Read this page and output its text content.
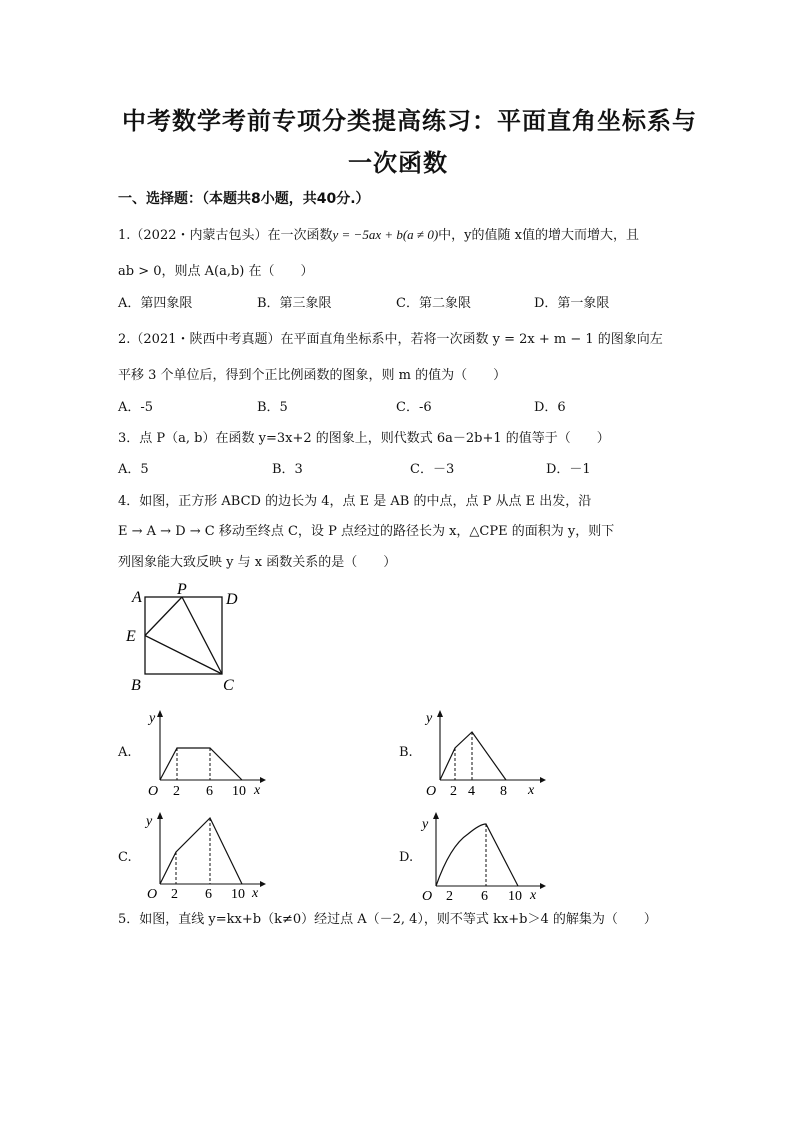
中考数学考前专项分类提高练习：平面直角坐标系与
一次函数
一、选择题：（本题共8小题，共40分.）
1.（2022・内蒙古包头）在一次函数y = −5ax + b(a ≠ 0)中，y的值随 x值的增大而增大，且
ab > 0，则点 A(a,b) 在（　　）
A．第四象限	B．第三象限	C．第二象限	D．第一象限
2.（2021・陕西中考真题）在平面直角坐标系中，若将一次函数 y = 2x + m − 1 的图象向左
平移 3 个单位后，得到个正比例函数的图象，则 m 的值为（　　）
A．-5	B．5	C．-6	D．6
3．点 P（a, b）在函数 y=3x+2 的图象上，则代数式 6a－2b+1 的值等于（　　）
A．5	B．3	C．－3	D．－1
4．如图，正方形 ABCD 的边长为 4，点 E 是 AB 的中点，点 P 从点 E 出发，沿
E → A → D → C 移动至终点 C，设 P 点经过的路径长为 x，△CPE 的面积为 y，则下
列图象能大致反映 y 与 x 函数关系的是（　　）
A P
D
E
B	C
A.
y
x
O 2 6 10
B.
y
x
O 2 4 8
C.
y
x
O 2 6 10
D.
y
x
O 2 6 10
5．如图，直线 y=kx+b（k≠0）经过点 A（－2, 4），则不等式 kx+b＞4 的解集为（　　）
